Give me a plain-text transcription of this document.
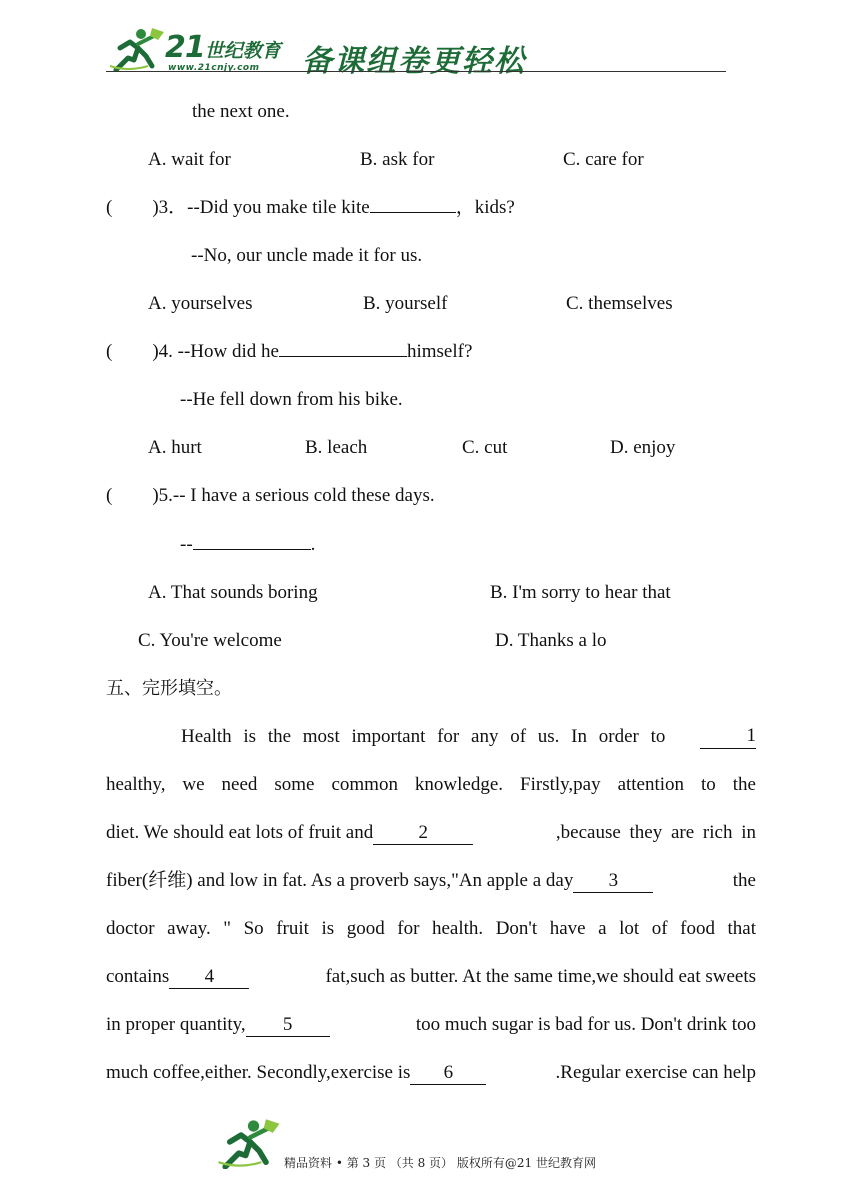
21世纪教育
www.21cnjy.com 备课组卷更轻松
the next one.
A. wait for	B. ask for	C. care for
( )3．--Did you make tile kite	，kids?
--No, our uncle made it for us.
A. yourselves	B. yourself	C. themselves
( )4. --How did he	himself?
--He fell down from his bike.
A. hurt	B. leach	C. cut	D. enjoy
( )5.-- I have a serious cold these days.
--	.
A. That sounds boring	B. I'm sorry to hear that
C. You're welcome	D. Thanks a lo
五、完形填空。
Health is the most important for any of us. In order to	1
healthy, we need some common knowledge. Firstly,pay attention to the
diet. We should eat lots of fruit and 2	,because they are rich in
fiber(纤维) and low in fat. As a proverb says,"An apple a day 3	the
doctor away. " So fruit is good for health. Don't have a lot of food that
contains 4	fat,such as butter. At the same time,we should eat sweets
in proper quantity, 5	too much sugar is bad for us. Don't drink too
much coffee,either. Secondly,exercise is 6	.Regular exercise can help
精品资料 • 第 3 页 （共 8 页） 版权所有@21 世纪教育网
